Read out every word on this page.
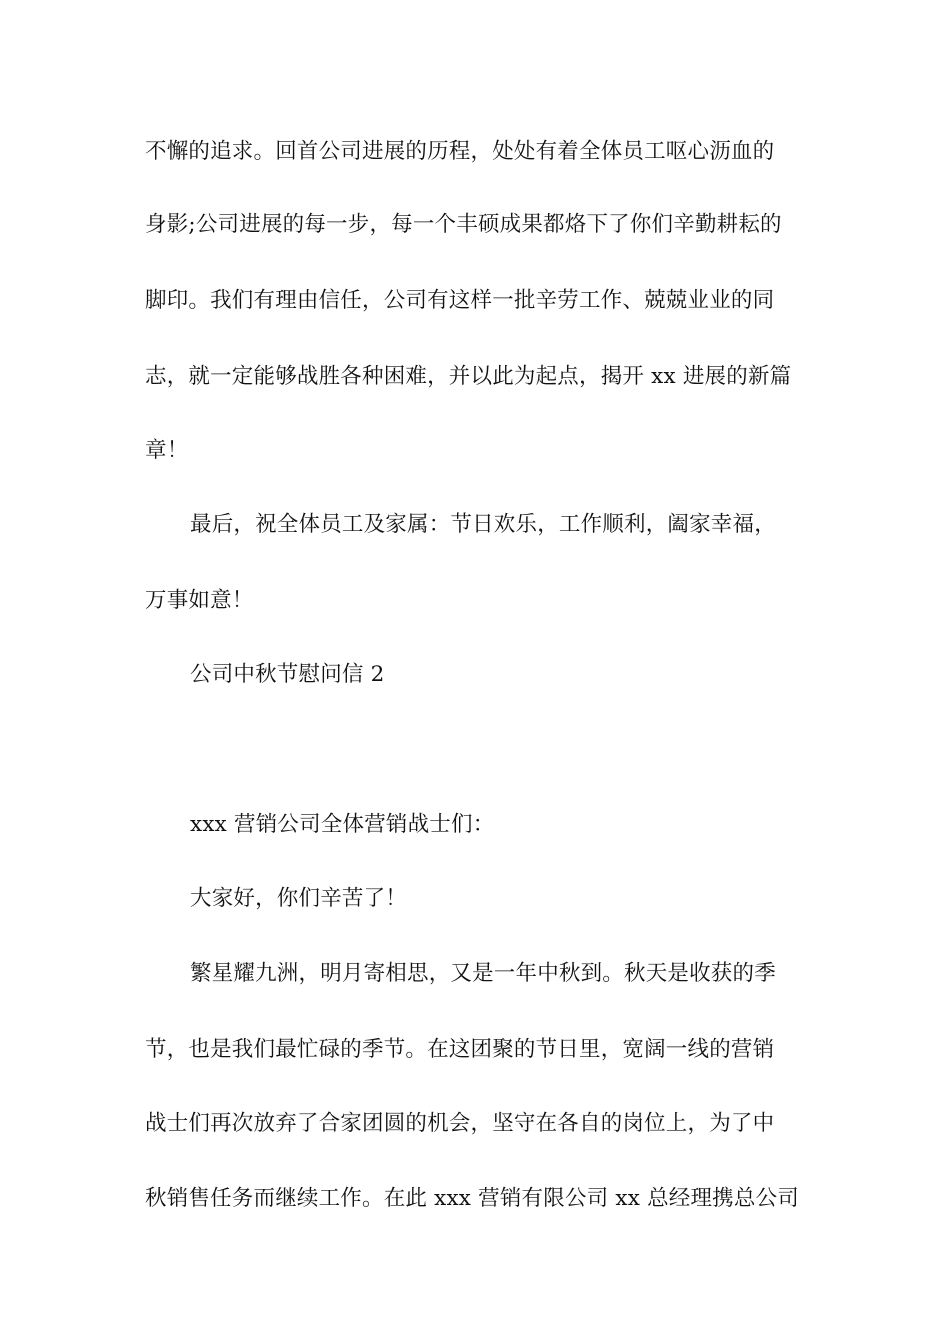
不懈的追求。回首公司进展的历程，处处有着全体员工呕心沥血的
身影;公司进展的每一步，每一个丰硕成果都烙下了你们辛勤耕耘的
脚印。我们有理由信任，公司有这样一批辛劳工作、兢兢业业的同
志，就一定能够战胜各种困难，并以此为起点，揭开 xx 进展的新篇
章！
最后，祝全体员工及家属：节日欢乐，工作顺利，阖家幸福，
万事如意！
公司中秋节慰问信 2
xxx 营销公司全体营销战士们：
大家好，你们辛苦了！
繁星耀九洲，明月寄相思，又是一年中秋到。秋天是收获的季
节，也是我们最忙碌的季节。在这团聚的节日里，宽阔一线的营销
战士们再次放弃了合家团圆的机会，坚守在各自的岗位上，为了中
秋销售任务而继续工作。在此 xxx 营销有限公司 xx 总经理携总公司
